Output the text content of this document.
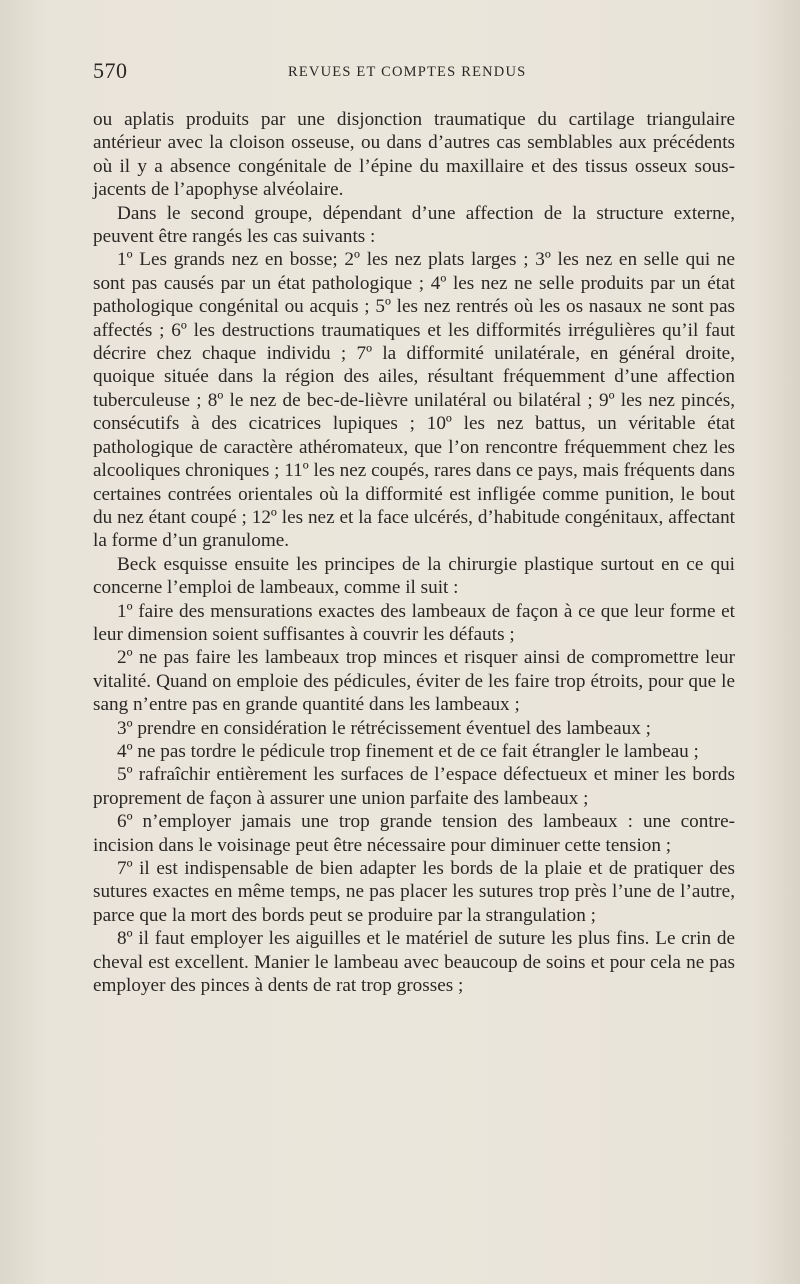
570	REVUES ET COMPTES RENDUS

ou aplatis produits par une disjonction traumatique du cartilage triangulaire antérieur avec la cloison osseuse, ou dans d’autres cas semblables aux précédents où il y a absence congénitale de l’épine du maxillaire et des tissus osseux sous-jacents de l’apophyse alvéolaire.

Dans le second groupe, dépendant d’une affection de la structure externe, peuvent être rangés les cas suivants :

1º Les grands nez en bosse; 2º les nez plats larges ; 3º les nez en selle qui ne sont pas causés par un état pathologique ; 4º les nez ne selle produits par un état pathologique congénital ou acquis ; 5º les nez rentrés où les os nasaux ne sont pas affectés ; 6º les destructions traumatiques et les difformités irrégulières qu’il faut décrire chez chaque individu ; 7º la difformité unilatérale, en général droite, quoique située dans la région des ailes, résultant fréquemment d’une affection tuberculeuse ; 8º le nez de bec-de-lièvre unilatéral ou bilatéral ; 9º les nez pincés, consécutifs à des cicatrices lupiques ; 10º les nez battus, un véritable état pathologique de caractère athéromateux, que l’on rencontre fréquemment chez les alcooliques chroniques ; 11º les nez coupés, rares dans ce pays, mais fréquents dans certaines contrées orientales où la difformité est infligée comme punition, le bout du nez étant coupé ; 12º les nez et la face ulcérés, d’habitude congénitaux, affectant la forme d’un granulome.

Beck esquisse ensuite les principes de la chirurgie plastique surtout en ce qui concerne l’emploi de lambeaux, comme il suit :

1º faire des mensurations exactes des lambeaux de façon à ce que leur forme et leur dimension soient suffisantes à couvrir les défauts ;

2º ne pas faire les lambeaux trop minces et risquer ainsi de compromettre leur vitalité. Quand on emploie des pédicules, éviter de les faire trop étroits, pour que le sang n’entre pas en grande quantité dans les lambeaux ;

3º prendre en considération le rétrécissement éventuel des lambeaux ;

4º ne pas tordre le pédicule trop finement et de ce fait étrangler le lambeau ;

5º rafraîchir entièrement les surfaces de l’espace défectueux et miner les bords proprement de façon à assurer une union parfaite des lambeaux ;

6º n’employer jamais une trop grande tension des lambeaux : une contre-incision dans le voisinage peut être nécessaire pour diminuer cette tension ;

7º il est indispensable de bien adapter les bords de la plaie et de pratiquer des sutures exactes en même temps, ne pas placer les sutures trop près l’une de l’autre, parce que la mort des bords peut se produire par la strangulation ;

8º il faut employer les aiguilles et le matériel de suture les plus fins. Le crin de cheval est excellent. Manier le lambeau avec beaucoup de soins et pour cela ne pas employer des pinces à dents de rat trop grosses ;
